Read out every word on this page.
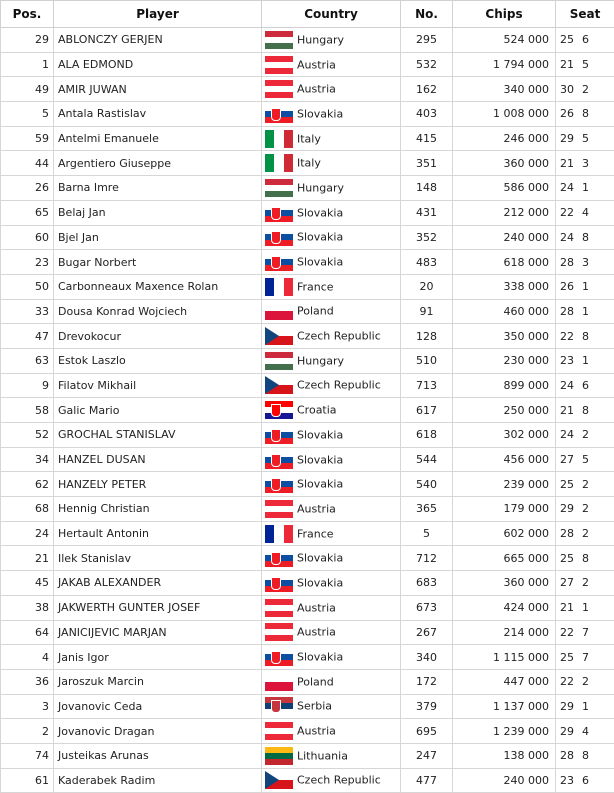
Pos.	Player	Country	No.	Chips	Seat
29	ABLONCZY GERJEN	Hungary	295	524 000	25 6
1	ALA EDMOND	Austria	532	1 794 000	21 5
49	AMIR JUWAN	Austria	162	340 000	30 2
5	Antala Rastislav	Slovakia	403	1 008 000	26 8
59	Antelmi Emanuele	Italy	415	246 000	29 5
44	Argentiero Giuseppe	Italy	351	360 000	21 3
26	Barna Imre	Hungary	148	586 000	24 1
65	Belaj Jan	Slovakia	431	212 000	22 4
60	Bjel Jan	Slovakia	352	240 000	24 8
23	Bugar Norbert	Slovakia	483	618 000	28 3
50	Carbonneaux Maxence Rolan	France	20	338 000	26 1
33	Dousa Konrad Wojciech	Poland	91	460 000	28 1
47	Drevokocur	Czech Republic	128	350 000	22 8
63	Estok Laszlo	Hungary	510	230 000	23 1
9	Filatov Mikhail	Czech Republic	713	899 000	24 6
58	Galic Mario	Croatia	617	250 000	21 8
52	GROCHAL STANISLAV	Slovakia	618	302 000	24 2
34	HANZEL DUSAN	Slovakia	544	456 000	27 5
62	HANZELY PETER	Slovakia	540	239 000	25 2
68	Hennig Christian	Austria	365	179 000	29 2
24	Hertault Antonin	France	5	602 000	28 2
21	Ilek Stanislav	Slovakia	712	665 000	25 8
45	JAKAB ALEXANDER	Slovakia	683	360 000	27 2
38	JAKWERTH GUNTER JOSEF	Austria	673	424 000	21 1
64	JANICIJEVIC MARJAN	Austria	267	214 000	22 7
4	Janis Igor	Slovakia	340	1 115 000	25 7
36	Jaroszuk Marcin	Poland	172	447 000	22 2
3	Jovanovic Ceda	Serbia	379	1 137 000	29 1
2	Jovanovic Dragan	Austria	695	1 239 000	29 4
74	Justeikas Arunas	Lithuania	247	138 000	28 8
61	Kaderabek Radim	Czech Republic	477	240 000	23 6
